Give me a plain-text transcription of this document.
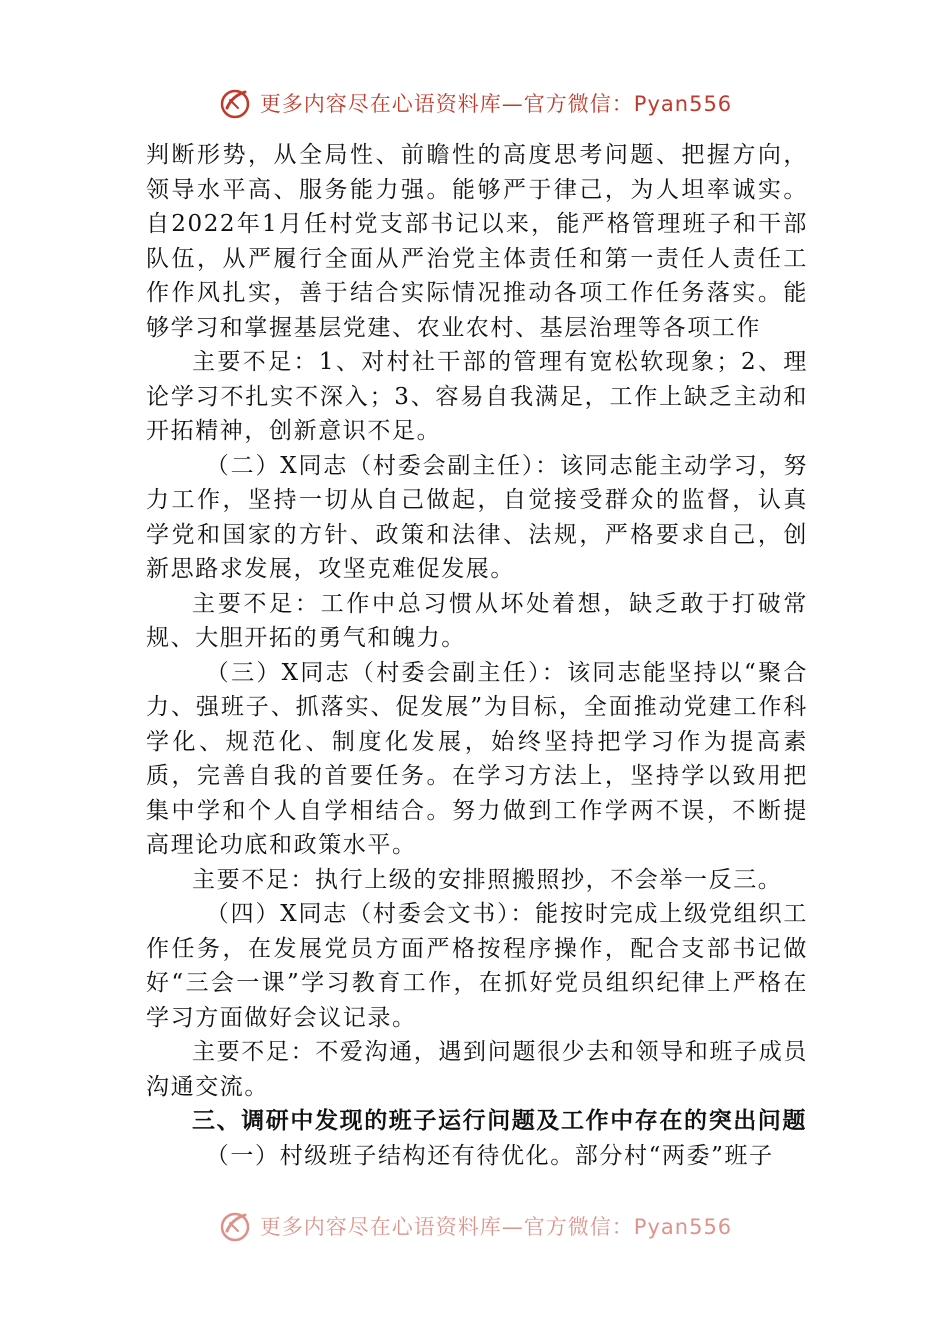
更多内容尽在心语资料库—官方微信：Pyan556

判断形势，从全局性、前瞻性的高度思考问题、把握方向，领导水平高、服务能力强。能够严于律己，为人坦率诚实。自2022年1月任村党支部书记以来，能严格管理班子和干部队伍，从严履行全面从严治党主体责任和第一责任人责任工作作风扎实，善于结合实际情况推动各项工作任务落实。能够学习和掌握基层党建、农业农村、基层治理等各项工作

主要不足：1、对村社干部的管理有宽松软现象；2、理论学习不扎实不深入；3、容易自我满足，工作上缺乏主动和开拓精神，创新意识不足。

（二）X同志（村委会副主任）：该同志能主动学习，努力工作，坚持一切从自己做起，自觉接受群众的监督，认真学党和国家的方针、政策和法律、法规，严格要求自己，创新思路求发展，攻坚克难促发展。

主要不足：工作中总习惯从坏处着想，缺乏敢于打破常规、大胆开拓的勇气和魄力。

（三）X同志（村委会副主任）：该同志能坚持以“聚合力、强班子、抓落实、促发展”为目标，全面推动党建工作科学化、规范化、制度化发展，始终坚持把学习作为提高素质，完善自我的首要任务。在学习方法上，坚持学以致用把集中学和个人自学相结合。努力做到工作学两不误，不断提高理论功底和政策水平。

主要不足：执行上级的安排照搬照抄，不会举一反三。

（四）X同志（村委会文书）：能按时完成上级党组织工作任务，在发展党员方面严格按程序操作，配合支部书记做好“三会一课”学习教育工作，在抓好党员组织纪律上严格在学习方面做好会议记录。

主要不足：不爱沟通，遇到问题很少去和领导和班子成员沟通交流。

三、调研中发现的班子运行问题及工作中存在的突出问题

（一）村级班子结构还有待优化。部分村“两委”班子

更多内容尽在心语资料库—官方微信：Pyan556
